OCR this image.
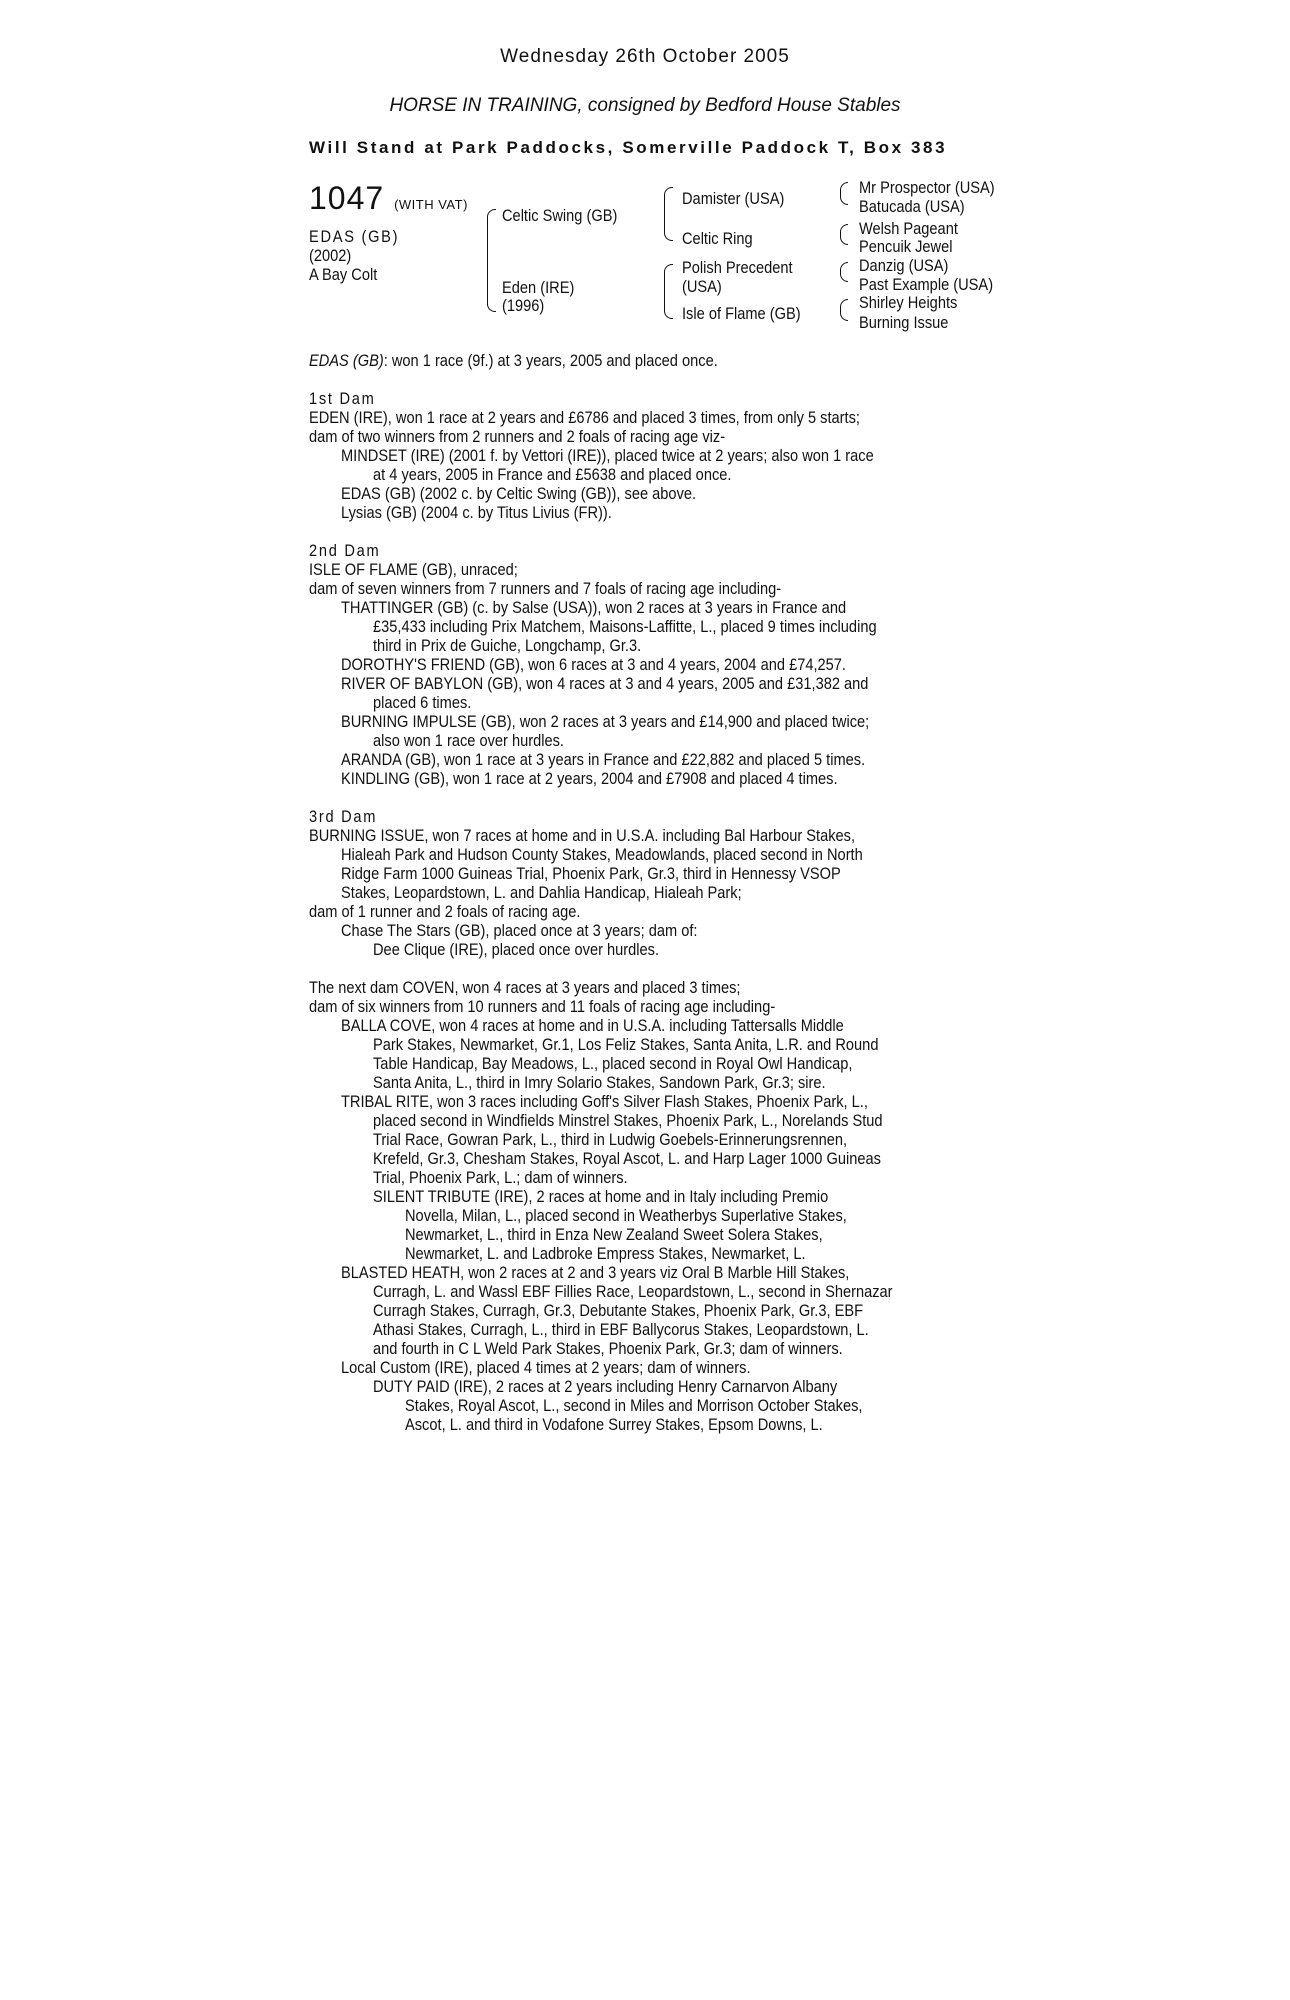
Wednesday 26th October 2005
HORSE IN TRAINING, consigned by Bedford House Stables
Will Stand at Park Paddocks, Somerville Paddock T, Box 383
1047 (WITH VAT)
EDAS (GB)
(2002)
A Bay Colt
Celtic Swing (GB)
Eden (IRE)
(1996)
Damister (USA)
Celtic Ring
Polish Precedent
(USA)
Isle of Flame (GB)
Mr Prospector (USA)
Batucada (USA)
Welsh Pageant
Pencuik Jewel
Danzig (USA)
Past Example (USA)
Shirley Heights
Burning Issue
EDAS (GB): won 1 race (9f.) at 3 years, 2005 and placed once.
1st Dam
EDEN (IRE), won 1 race at 2 years and £6786 and placed 3 times, from only 5 starts;
dam of two winners from 2 runners and 2 foals of racing age viz-
MINDSET (IRE) (2001 f. by Vettori (IRE)), placed twice at 2 years; also won 1 race
at 4 years, 2005 in France and £5638 and placed once.
EDAS (GB) (2002 c. by Celtic Swing (GB)), see above.
Lysias (GB) (2004 c. by Titus Livius (FR)).
2nd Dam
ISLE OF FLAME (GB), unraced;
dam of seven winners from 7 runners and 7 foals of racing age including-
THATTINGER (GB) (c. by Salse (USA)), won 2 races at 3 years in France and
£35,433 including Prix Matchem, Maisons-Laffitte, L., placed 9 times including
third in Prix de Guiche, Longchamp, Gr.3.
DOROTHY'S FRIEND (GB), won 6 races at 3 and 4 years, 2004 and £74,257.
RIVER OF BABYLON (GB), won 4 races at 3 and 4 years, 2005 and £31,382 and
placed 6 times.
BURNING IMPULSE (GB), won 2 races at 3 years and £14,900 and placed twice;
also won 1 race over hurdles.
ARANDA (GB), won 1 race at 3 years in France and £22,882 and placed 5 times.
KINDLING (GB), won 1 race at 2 years, 2004 and £7908 and placed 4 times.
3rd Dam
BURNING ISSUE, won 7 races at home and in U.S.A. including Bal Harbour Stakes,
Hialeah Park and Hudson County Stakes, Meadowlands, placed second in North
Ridge Farm 1000 Guineas Trial, Phoenix Park, Gr.3, third in Hennessy VSOP
Stakes, Leopardstown, L. and Dahlia Handicap, Hialeah Park;
dam of 1 runner and 2 foals of racing age.
Chase The Stars (GB), placed once at 3 years; dam of:
Dee Clique (IRE), placed once over hurdles.
The next dam COVEN, won 4 races at 3 years and placed 3 times;
dam of six winners from 10 runners and 11 foals of racing age including-
BALLA COVE, won 4 races at home and in U.S.A. including Tattersalls Middle
Park Stakes, Newmarket, Gr.1, Los Feliz Stakes, Santa Anita, L.R. and Round
Table Handicap, Bay Meadows, L., placed second in Royal Owl Handicap,
Santa Anita, L., third in Imry Solario Stakes, Sandown Park, Gr.3; sire.
TRIBAL RITE, won 3 races including Goff's Silver Flash Stakes, Phoenix Park, L.,
placed second in Windfields Minstrel Stakes, Phoenix Park, L., Norelands Stud
Trial Race, Gowran Park, L., third in Ludwig Goebels-Erinnerungsrennen,
Krefeld, Gr.3, Chesham Stakes, Royal Ascot, L. and Harp Lager 1000 Guineas
Trial, Phoenix Park, L.; dam of winners.
SILENT TRIBUTE (IRE), 2 races at home and in Italy including Premio
Novella, Milan, L., placed second in Weatherbys Superlative Stakes,
Newmarket, L., third in Enza New Zealand Sweet Solera Stakes,
Newmarket, L. and Ladbroke Empress Stakes, Newmarket, L.
BLASTED HEATH, won 2 races at 2 and 3 years viz Oral B Marble Hill Stakes,
Curragh, L. and Wassl EBF Fillies Race, Leopardstown, L., second in Shernazar
Curragh Stakes, Curragh, Gr.3, Debutante Stakes, Phoenix Park, Gr.3, EBF
Athasi Stakes, Curragh, L., third in EBF Ballycorus Stakes, Leopardstown, L.
and fourth in C L Weld Park Stakes, Phoenix Park, Gr.3; dam of winners.
Local Custom (IRE), placed 4 times at 2 years; dam of winners.
DUTY PAID (IRE), 2 races at 2 years including Henry Carnarvon Albany
Stakes, Royal Ascot, L., second in Miles and Morrison October Stakes,
Ascot, L. and third in Vodafone Surrey Stakes, Epsom Downs, L.
